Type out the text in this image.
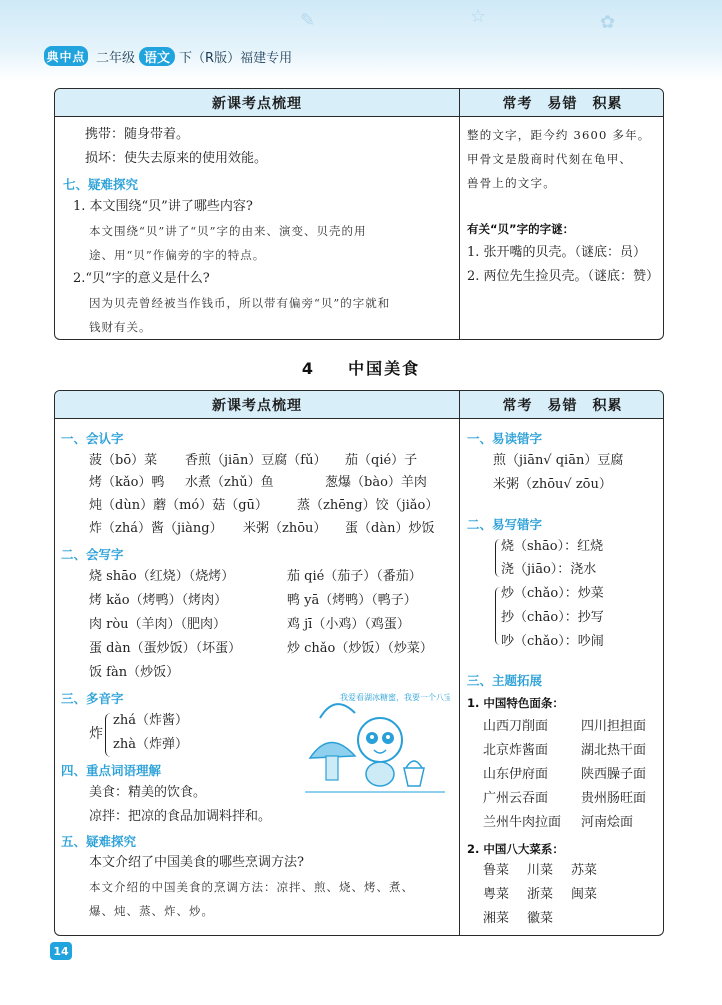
✎	☆	✿
典中点 二年级 语文 下（R版）福建专用
新课考点梳理	常考　易错　积累
携带：随身带着。
损坏：使失去原来的使用效能。
七、疑难探究
1. 本文围绕“贝”讲了哪些内容?
本文围绕“贝”讲了“贝”字的由来、演变、贝壳的用
途、用“贝”作偏旁的字的特点。
2.“贝”字的意义是什么?
因为贝壳曾经被当作钱币，所以带有偏旁“贝”的字就和
钱财有关。
整的文字，距今约 3600 多年。
甲骨文是殷商时代刻在龟甲、
兽骨上的文字。
有关“贝”字的字谜：
1. 张开嘴的贝壳。（谜底：员）
2. 两位先生捡贝壳。（谜底：赞）
4 中国美食
新课考点梳理	常考　易错　积累
一、会认字
菠（bō）菜 香煎（jiān）豆腐（fǔ） 茄（qié）子
烤（kǎo）鸭 水煮（zhǔ）鱼	葱爆（bào）羊肉
炖（dùn）蘑（mó）菇（gū） 蒸（zhēng）饺（jiǎo）
炸（zhá）酱（jiàng） 米粥（zhōu） 蛋（dàn）炒饭
二、会写字
烧 shāo（红烧）（烧烤）	茄 qié（茄子）（番茄）
烤 kǎo（烤鸭）（烤肉）	鸭 yā（烤鸭）（鸭子）
肉 ròu（羊肉）（肥肉）	鸡 jī（小鸡）（鸡蛋）
蛋 dàn（蛋炒饭）（坏蛋）	炒 chǎo（炒饭）（炒菜）
饭 fàn（炒饭）
三、多音字
炸
zhá（炸酱）
zhà（炸弹）
四、重点词语理解
美食：精美的饮食。
凉拌：把凉的食品加调料拌和。
五、疑难探究
本文介绍了中国美食的哪些烹调方法?
本文介绍的中国美食的烹调方法：凉拌、煎、烧、烤、煮、
爆、炖、蒸、炸、炒。
一、易读错字
煎（jiān√ qiān）豆腐
米粥（zhōu√ zōu）
二、易写错字
烧（shāo）：红烧
浇（jiāo）：浇水
炒（chǎo）：炒菜
抄（chāo）：抄写
吵（chǎo）：吵闹
三、主题拓展
1. 中国特色面条：
山西刀削面	四川担担面
北京炸酱面	湖北热干面
山东伊府面	陕西臊子面
广州云吞面	贵州肠旺面
兰州牛肉拉面 河南烩面
2. 中国八大菜系：
鲁菜 川菜 苏菜
粤菜 浙菜 闽菜
湘菜 徽菜
我爱看湖冰糖蜜，我要一个八宝
14
